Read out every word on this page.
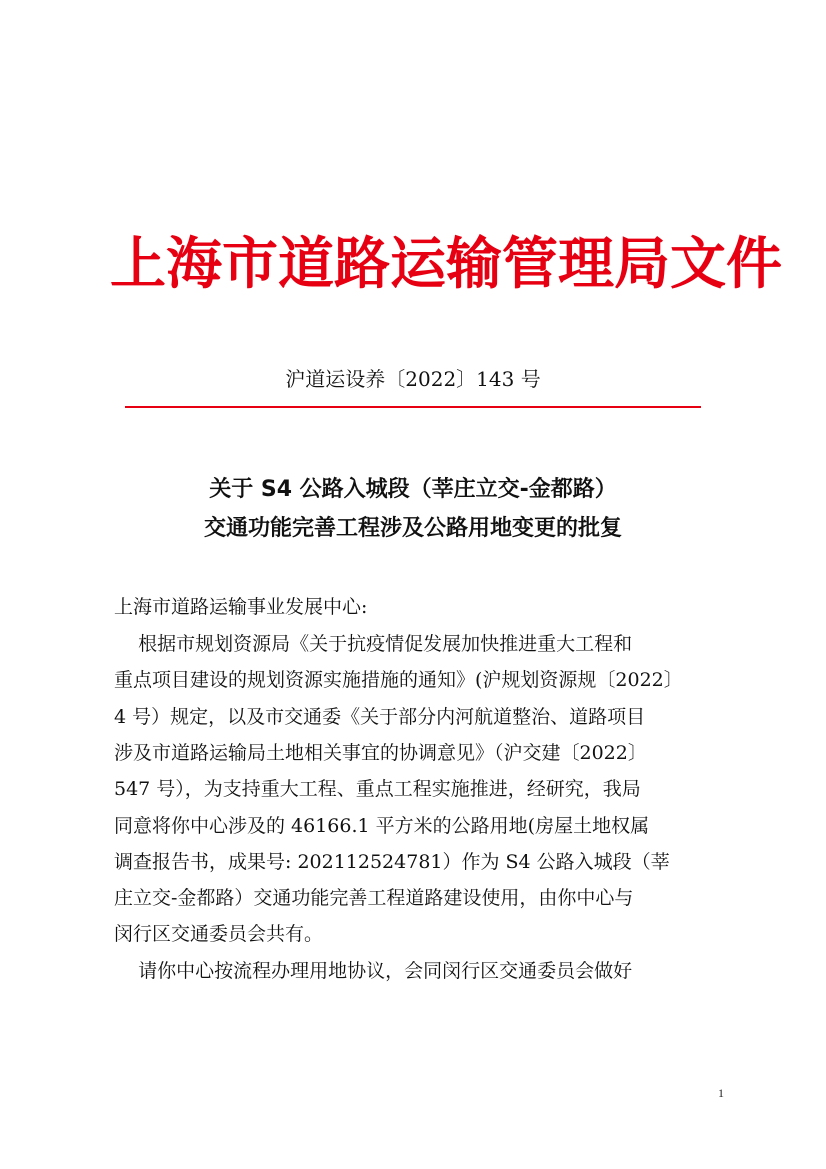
上海市道路运输管理局文件
沪道运设养〔2022〕143 号
关于 S4 公路入城段（莘庄立交-金都路）
交通功能完善工程涉及公路用地变更的批复
上海市道路运输事业发展中心:
根据市规划资源局《关于抗疫情促发展加快推进重大工程和
重点项目建设的规划资源实施措施的通知》(沪规划资源规〔2022〕
4 号）规定，以及市交通委《关于部分内河航道整治、道路项目
涉及市道路运输局土地相关事宜的协调意见》（沪交建〔2022〕
547 号），为支持重大工程、重点工程实施推进，经研究，我局
同意将你中心涉及的 46166.1 平方米的公路用地(房屋土地权属
调查报告书，成果号: 202112524781）作为 S4 公路入城段（莘
庄立交-金都路）交通功能完善工程道路建设使用，由你中心与
闵行区交通委员会共有。
请你中心按流程办理用地协议，会同闵行区交通委员会做好
1
